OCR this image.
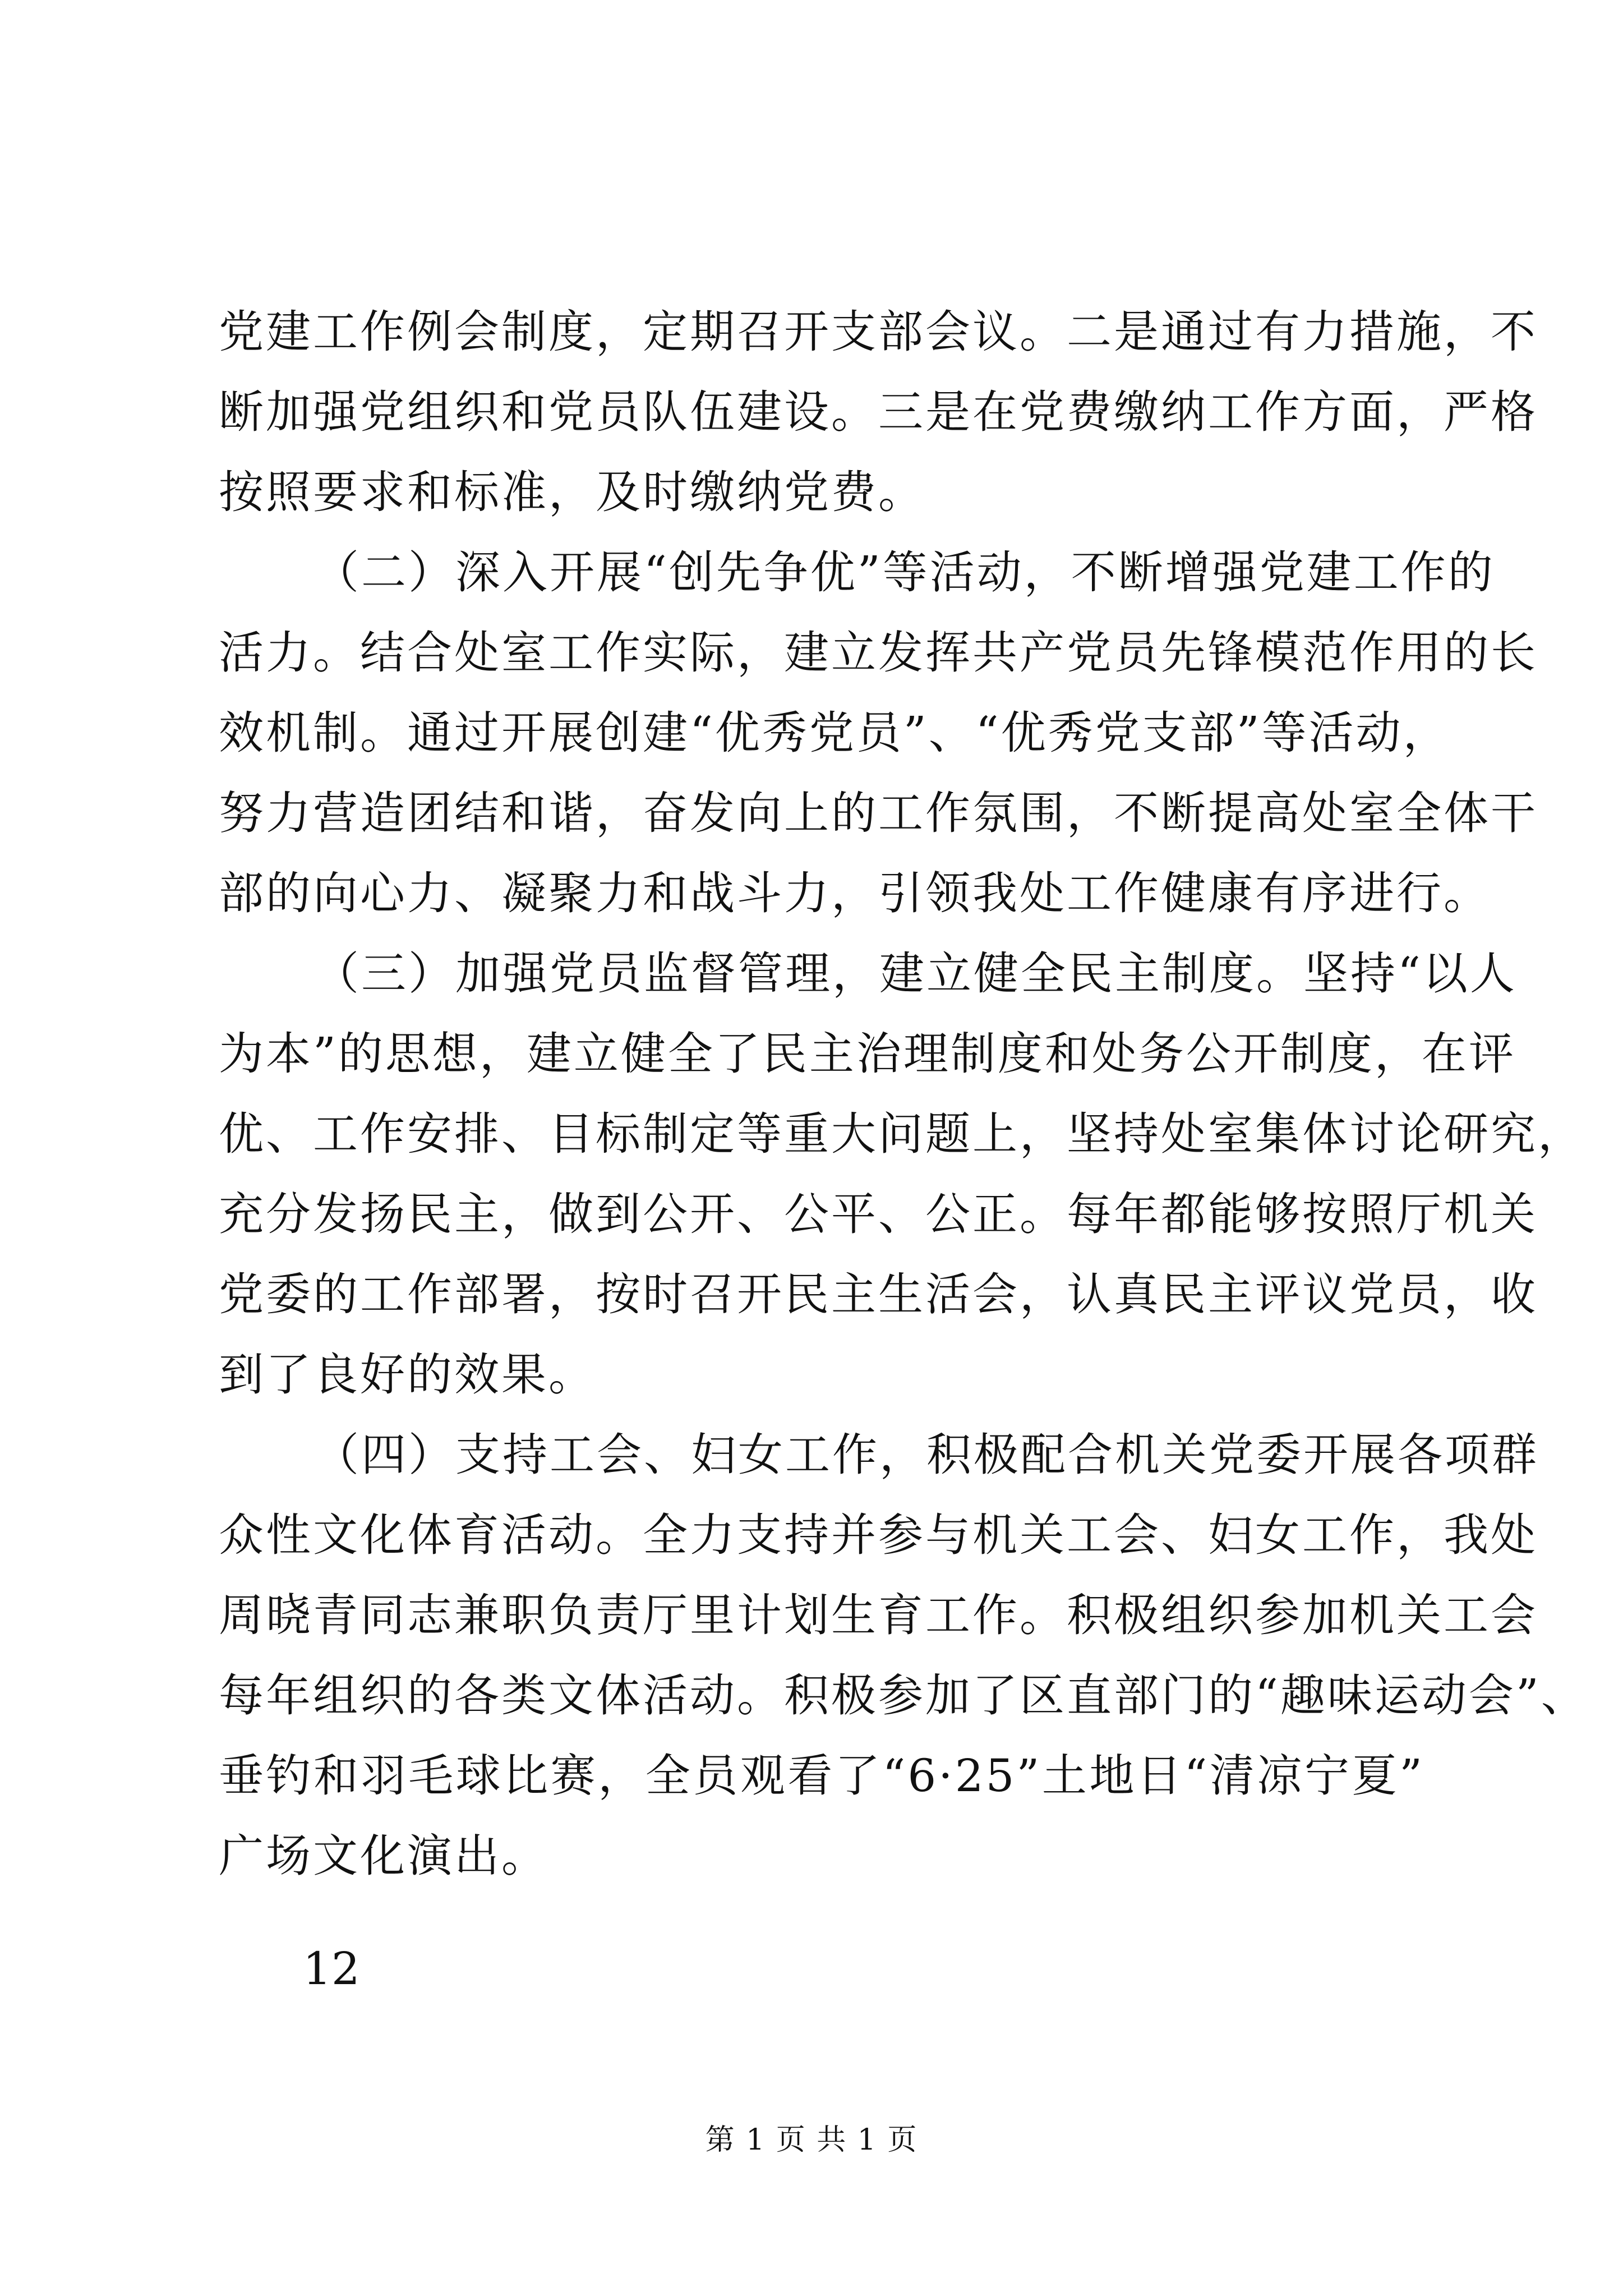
党建工作例会制度，定期召开支部会议。二是通过有力措施，不
断加强党组织和党员队伍建设。三是在党费缴纳工作方面，严格
按照要求和标准，及时缴纳党费。
（二）深入开展“创先争优”等活动，不断增强党建工作的
活力。结合处室工作实际，建立发挥共产党员先锋模范作用的长
效机制。通过开展创建“优秀党员”、“优秀党支部”等活动，
努力营造团结和谐，奋发向上的工作氛围，不断提高处室全体干
部的向心力、凝聚力和战斗力，引领我处工作健康有序进行。
（三）加强党员监督管理，建立健全民主制度。坚持“以人
为本”的思想，建立健全了民主治理制度和处务公开制度，在评
优、工作安排、目标制定等重大问题上，坚持处室集体讨论研究，
充分发扬民主，做到公开、公平、公正。每年都能够按照厅机关
党委的工作部署，按时召开民主生活会，认真民主评议党员，收
到了良好的效果。
（四）支持工会、妇女工作，积极配合机关党委开展各项群
众性文化体育活动。全力支持并参与机关工会、妇女工作，我处
周晓青同志兼职负责厅里计划生育工作。积极组织参加机关工会
每年组织的各类文体活动。积极参加了区直部门的“趣味运动会”、
垂钓和羽毛球比赛，全员观看了“6·25”土地日“清凉宁夏”
广场文化演出。
12
第 1 页 共 1 页
